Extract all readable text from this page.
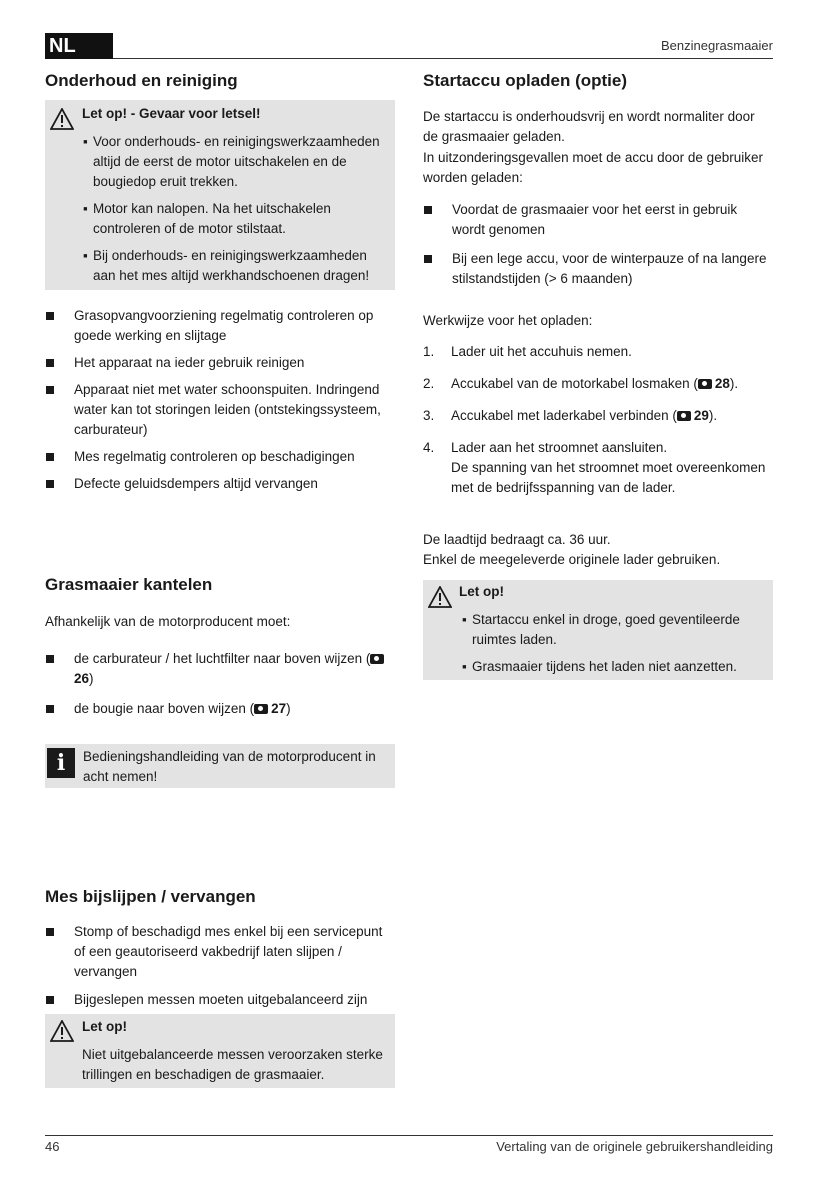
NL	Benzinegrasmaaier
Onderhoud en reiniging
Let op! - Gevaar voor letsel!
▪ Voor onderhouds- en reinigingswerkzaamheden altijd de eerst de motor uitschakelen en de bougiedop eruit trekken.
▪ Motor kan nalopen. Na het uitschakelen controleren of de motor stilstaat.
▪ Bij onderhouds- en reinigingswerkzaamheden aan het mes altijd werkhandschoenen dragen!
Grasopvangvoorziening regelmatig controleren op goede werking en slijtage
Het apparaat na ieder gebruik reinigen
Apparaat niet met water schoonspuiten. Indringend water kan tot storingen leiden (ontstekingssysteem, carburateur)
Mes regelmatig controleren op beschadigingen
Defecte geluidsdempers altijd vervangen
Grasmaaier kantelen

Afhankelijk van de motorproducent moet:

de carburateur / het luchtfilter naar boven wijzen (26)
de bougie naar boven wijzen ( 27)
i	Bedieningshandleiding van de motorproducent in acht nemen!

Mes bijslijpen / vervangen
Stomp of beschadigd mes enkel bij een servicepunt of een geautoriseerd vakbedrijf laten slijpen / vervangen
Bijgeslepen messen moeten uitgebalanceerd zijn
Let op!

Niet uitgebalanceerde messen veroorzaken sterke trillingen en beschadigen de grasmaaier.

Startaccu opladen (optie)

De startaccu is onderhoudsvrij en wordt normaliter door de grasmaaier geladen.

In uitzonderingsgevallen moet de accu door de gebruiker worden geladen:

Voordat de grasmaaier voor het eerst in gebruik wordt genomen
Bij een lege accu, voor de winterpauze of na langere stilstandstijden (> 6 maanden)

Werkwijze voor het opladen:

1. Lader uit het accuhuis nemen.
2. Accukabel van de motorkabel losmaken ( 28).
3. Accukabel met laderkabel verbinden ( 29).
4. Lader aan het stroomnet aansluiten.
De spanning van het stroomnet moet overeenkomen met de bedrijfsspanning van de lader.

De laadtijd bedraagt ca. 36 uur.

Enkel de meegeleverde originele lader gebruiken.

Let op!
▪ Startaccu enkel in droge, goed geventileerde ruimtes laden.
▪ Grasmaaier tijdens het laden niet aanzetten.
46	Vertaling van de originele gebruikershandleiding
